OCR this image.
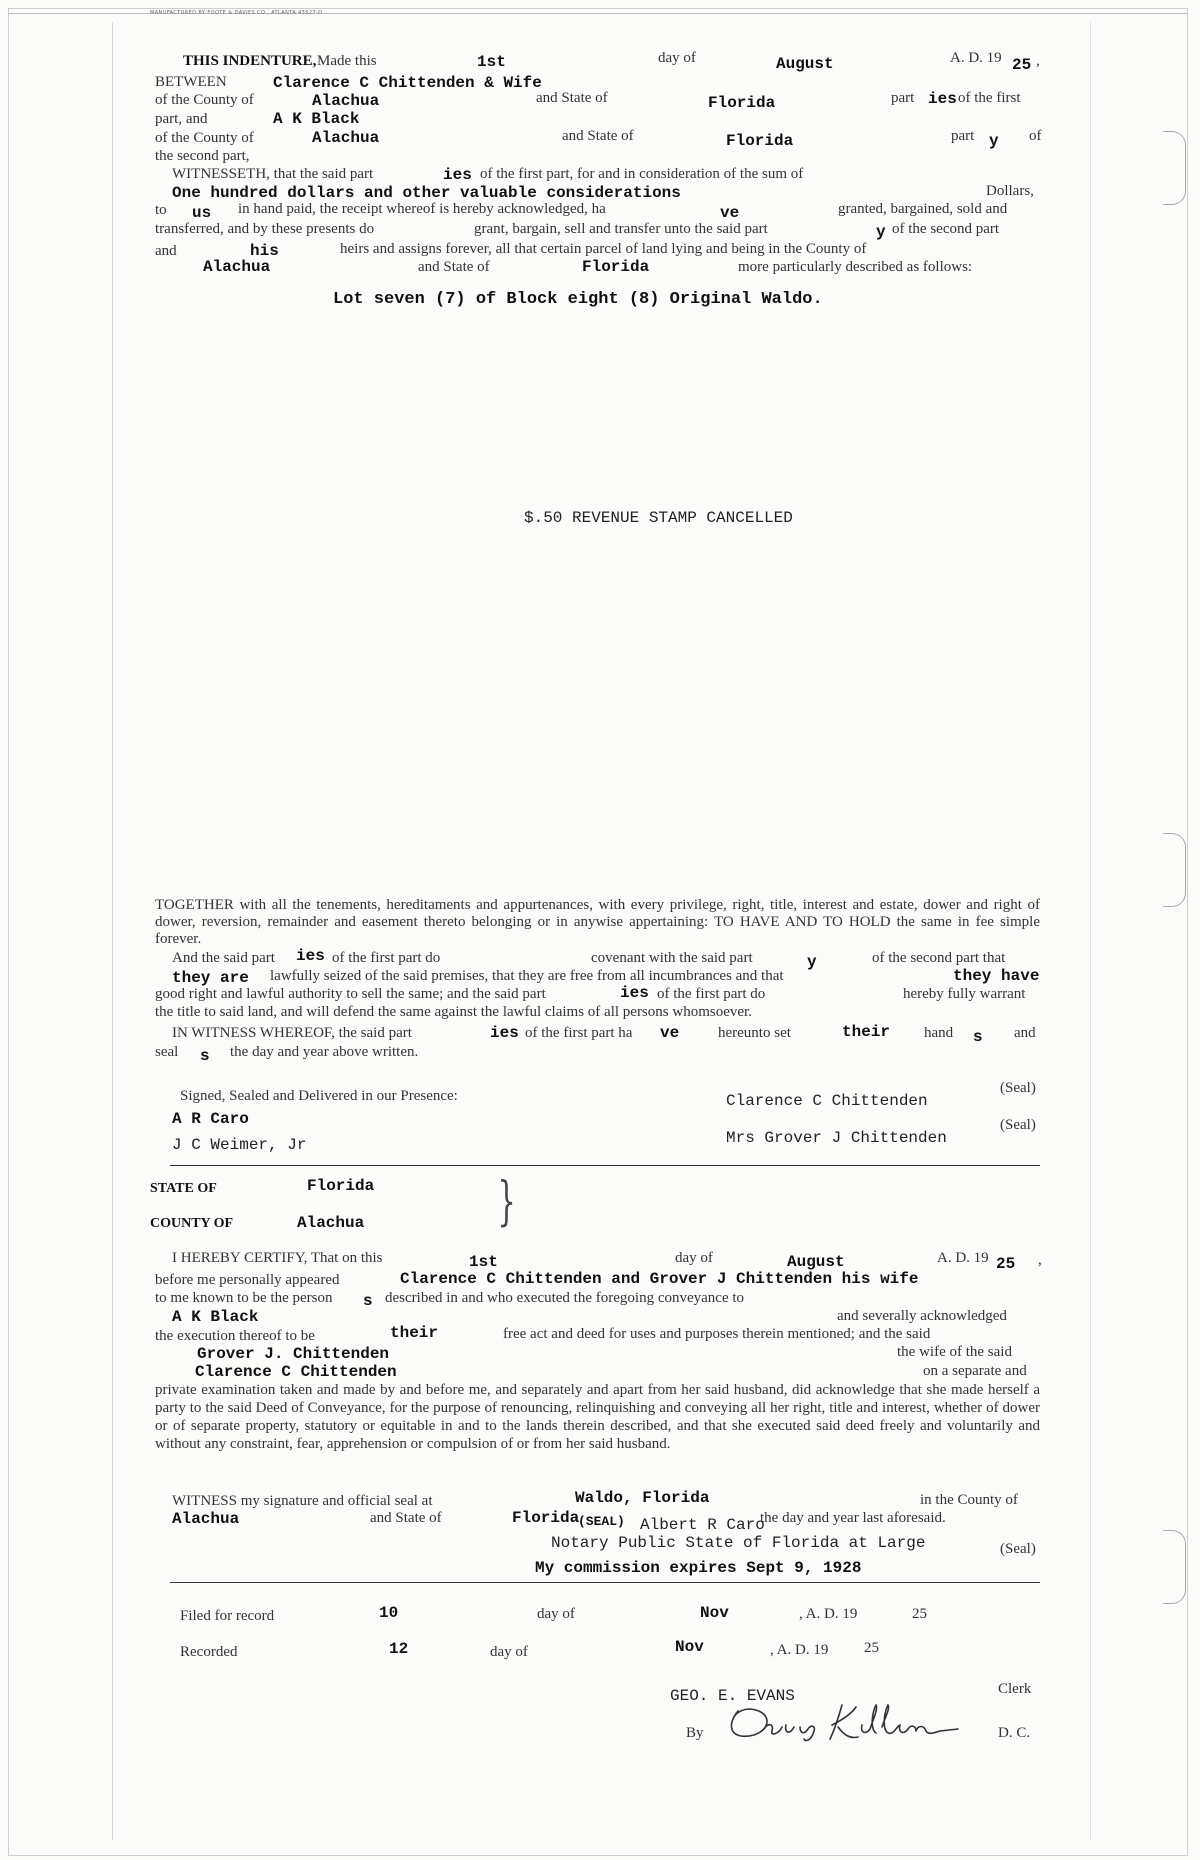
MANUFACTURED BY FOOTE & DAVIES CO., ATLANTA 43527-D
THIS INDENTURE, Made this	1st	day of	August	A. D. 19 25 ,
BETWEEN	Clarence C Chittenden & Wife
of the County of	Alachua	and State of	Florida	part ies of the first
part, and	A K Black
of the County of	Alachua	and State of	Florida	part y of
the second part,
WITNESSETH, that the said part	ies of the first part, for and in consideration of the sum of
One hundred dollars and other valuable considerations	Dollars,
to us in hand paid, the receipt whereof is hereby acknowledged, ha	ve	granted, bargained, sold and
transferred, and by these presents do	grant, bargain, sell and transfer unto the said part	y of the second part
and	his	heirs and assigns forever, all that certain parcel of land lying and being in the County of
Alachua	and State of	Florida	more particularly described as follows:
Lot seven (7) of Block eight (8) Original Waldo.
$.50 REVENUE STAMP CANCELLED
TOGETHER with all the tenements, hereditaments and appurtenances, with every privilege, right, title, interest and estate, dower and right of dower, reversion, remainder and easement thereto belonging or in anywise appertaining: TO HAVE AND TO HOLD the same in fee simple forever.
And the said part ies of the first part do	covenant with the said part	y	of the second part that
they are lawfully seized of the said premises, that they are free from all incumbrances and that	they have
good right and lawful authority to sell the same; and the said part	ies of the first part do	hereby fully warrant
the title to said land, and will defend the same against the lawful claims of all persons whomsoever.
IN WITNESS WHEREOF, the said part	ies of the first part ha ve	hereunto set	their hand s and
seal s the day and year above written.
Signed, Sealed and Delivered in our Presence:
A R Caro
J C Weimer, Jr
Clarence C Chittenden
Mrs Grover J Chittenden
(Seal)
(Seal)
STATE OF	Florida
COUNTY OF	Alachua	}
I HEREBY CERTIFY, That on this	1st	day of	August	A. D. 19 25 ,
before me personally appeared	Clarence C Chittenden and Grover J Chittenden his wife
to me known to be the person s described in and who executed the foregoing conveyance to
A K Black	and severally acknowledged
the execution thereof to be	their	free act and deed for uses and purposes therein mentioned; and the said
Grover J. Chittenden	the wife of the said
Clarence C Chittenden	on a separate and
private examination taken and made by and before me, and separately and apart from her said husband, did acknowledge that she made herself a party to the said Deed of Conveyance, for the purpose of renouncing, relinquishing and conveying all her right, title and interest, whether of dower or of separate property, statutory or equitable in and to the lands therein described, and that she executed said deed freely and voluntarily and without any constraint, fear, apprehension or compulsion of or from her said husband.
WITNESS my signature and official seal at	Waldo, Florida	in the County of
Alachua	and State of	Florida
(SEAL) Albert R Caro
the day and year last aforesaid.
Notary Public State of Florida at Large	(Seal)
My commission expires Sept 9, 1928
Filed for record	10	day of	Nov	, A. D. 19	25
Recorded	12	day of	Nov	, A. D. 19 25
GEO. E. EVANS	Clerk
By	D. C.
